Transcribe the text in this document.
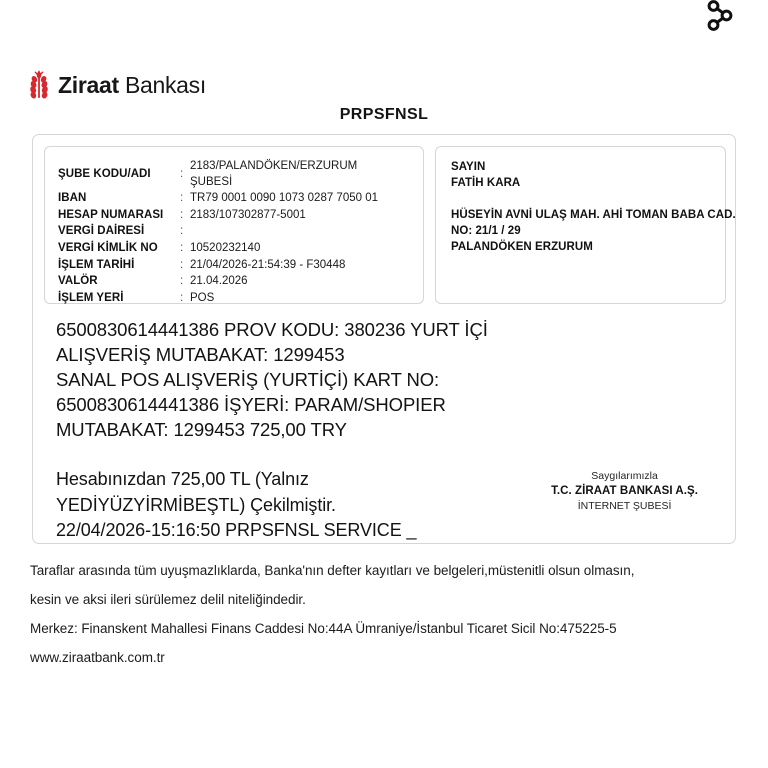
Ziraat Bankası
PRPSFNSL
ŞUBE KODU/ADI	:
2183/PALANDÖKEN/ERZURUM
ŞUBESİ
IBAN	: TR79 0001 0090 1073 0287 7050 01
HESAP NUMARASI	: 2183/107302877-5001
VERGİ DAİRESİ	:
VERGİ KİMLİK NO	: 10520232140
İŞLEM TARİHİ	: 21/04/2026-21:54:39 - F30448
VALÖR	: 21.04.2026
İŞLEM YERİ	: POS
SAYIN
FATİH KARA
HÜSEYİN AVNİ ULAŞ MAH. AHİ TOMAN BABA CAD.
NO: 21/1 / 29
PALANDÖKEN ERZURUM
6500830614441386 PROV KODU: 380236 YURT İÇİ
ALIŞVERİŞ MUTABAKAT: 1299453
SANAL POS ALIŞVERİŞ (YURTİÇİ) KART NO:
6500830614441386 İŞYERİ: PARAM/SHOPIER
MUTABAKAT: 1299453 725,00 TRY
Hesabınızdan 725,00 TL (Yalnız
YEDİYÜZYİRMİBEŞTL) Çekilmiştir.
22/04/2026-15:16:50 PRPSFNSL SERVICE _
Saygılarımızla
T.C. ZİRAAT BANKASI A.Ş.
İNTERNET ŞUBESİ
Taraflar arasında tüm uyuşmazlıklarda, Banka'nın defter kayıtları ve belgeleri,müstenitli olsun olmasın,
kesin ve aksi ileri sürülemez delil niteliğindedir.
Merkez: Finanskent Mahallesi Finans Caddesi No:44A Ümraniye/İstanbul Ticaret Sicil No:475225-5
www.ziraatbank.com.tr
